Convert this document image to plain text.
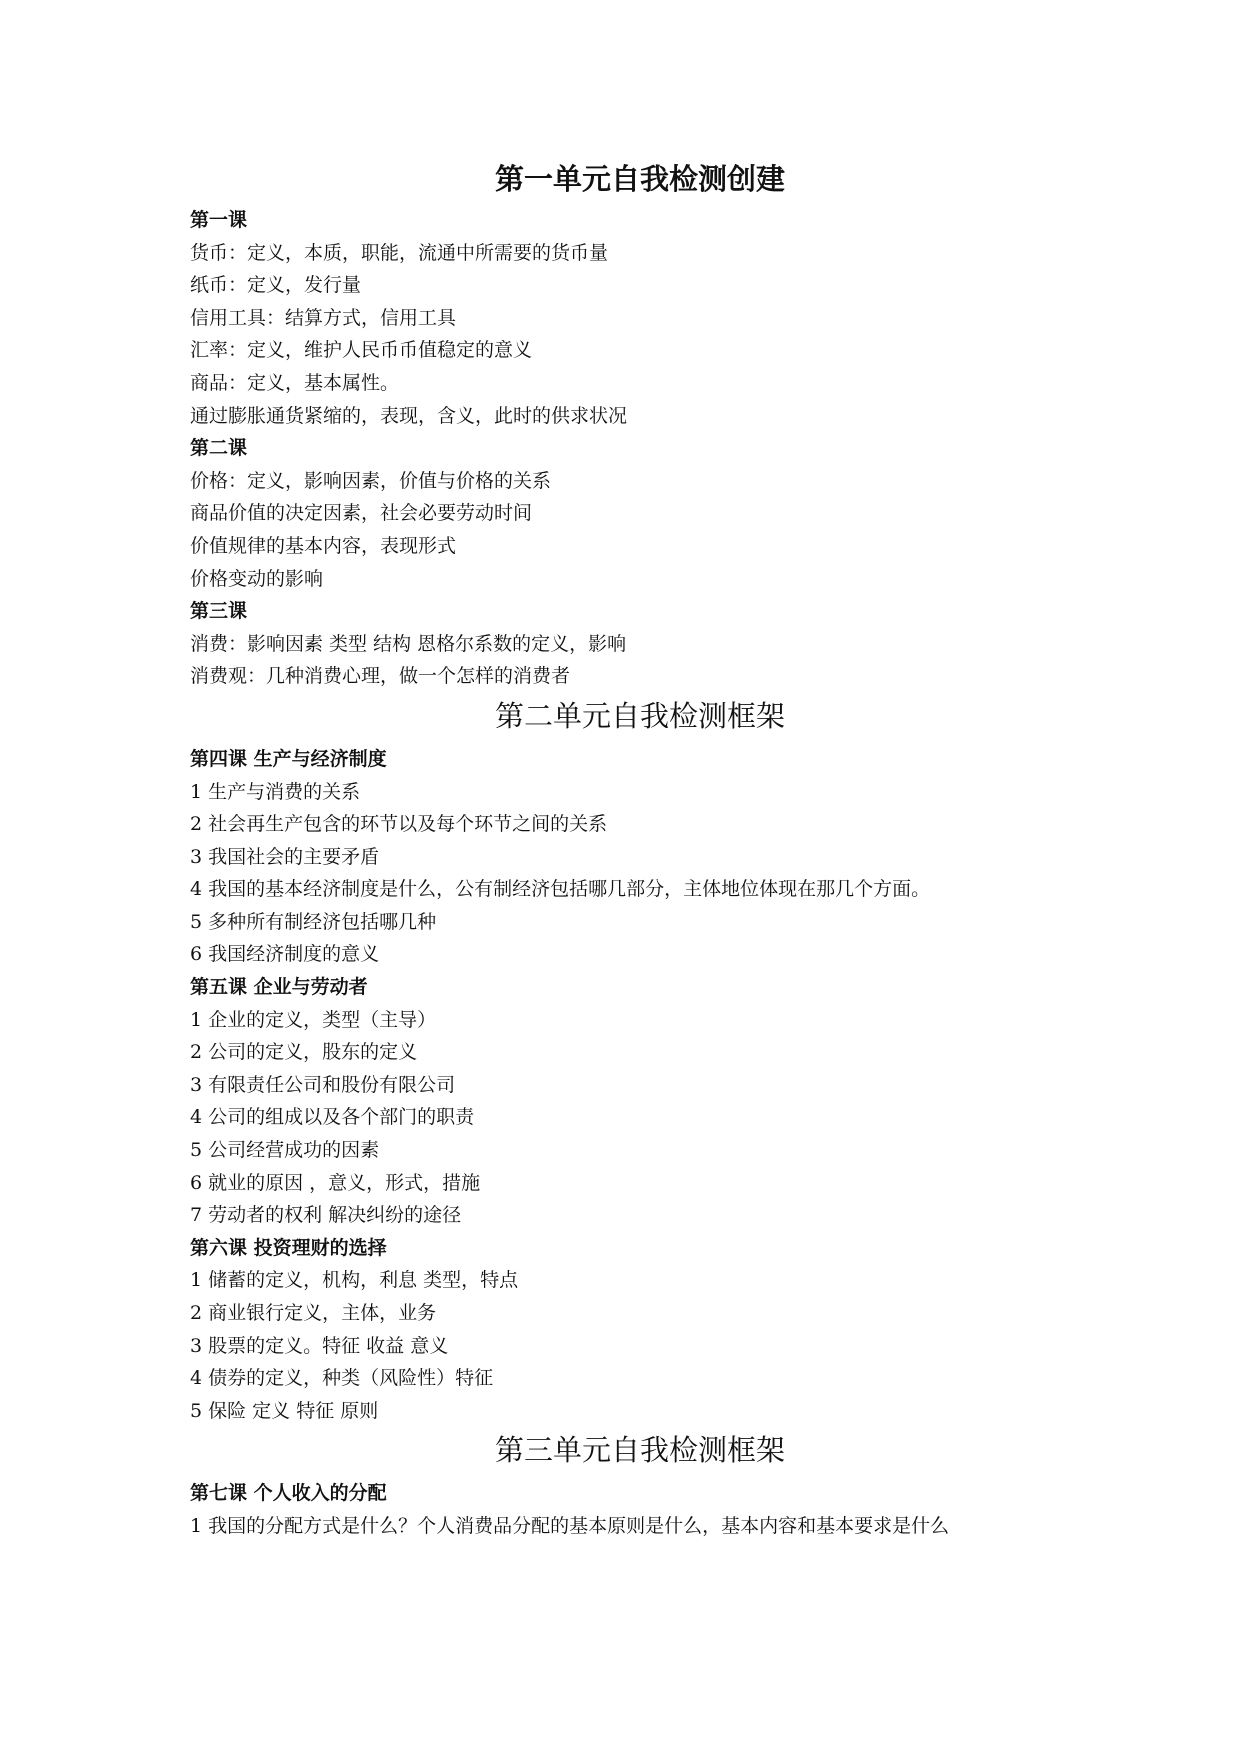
第一单元自我检测创建
第一课
货币：定义，本质，职能，流通中所需要的货币量
纸币：定义，发行量
信用工具：结算方式，信用工具
汇率：定义，维护人民币币值稳定的意义
商品：定义，基本属性。
通过膨胀通货紧缩的，表现，含义，此时的供求状况
第二课
价格：定义，影响因素，价值与价格的关系
商品价值的决定因素，社会必要劳动时间
价值规律的基本内容，表现形式
价格变动的影响
第三课
消费：影响因素 类型 结构 恩格尔系数的定义，影响
消费观：几种消费心理，做一个怎样的消费者
第二单元自我检测框架
第四课 生产与经济制度
1 生产与消费的关系
2 社会再生产包含的环节以及每个环节之间的关系
3 我国社会的主要矛盾
4 我国的基本经济制度是什么，公有制经济包括哪几部分，主体地位体现在那几个方面。
5 多种所有制经济包括哪几种
6 我国经济制度的意义
第五课 企业与劳动者
1 企业的定义，类型（主导）
2 公司的定义，股东的定义
3 有限责任公司和股份有限公司
4 公司的组成以及各个部门的职责
5 公司经营成功的因素
6 就业的原因 ，意义，形式，措施
7 劳动者的权利 解决纠纷的途径
第六课 投资理财的选择
1 储蓄的定义，机构，利息 类型，特点
2 商业银行定义，主体，业务
3 股票的定义。特征 收益 意义
4 债券的定义，种类（风险性）特征
5 保险 定义 特征 原则
第三单元自我检测框架
第七课 个人收入的分配
1 我国的分配方式是什么？个人消费品分配的基本原则是什么，基本内容和基本要求是什么
